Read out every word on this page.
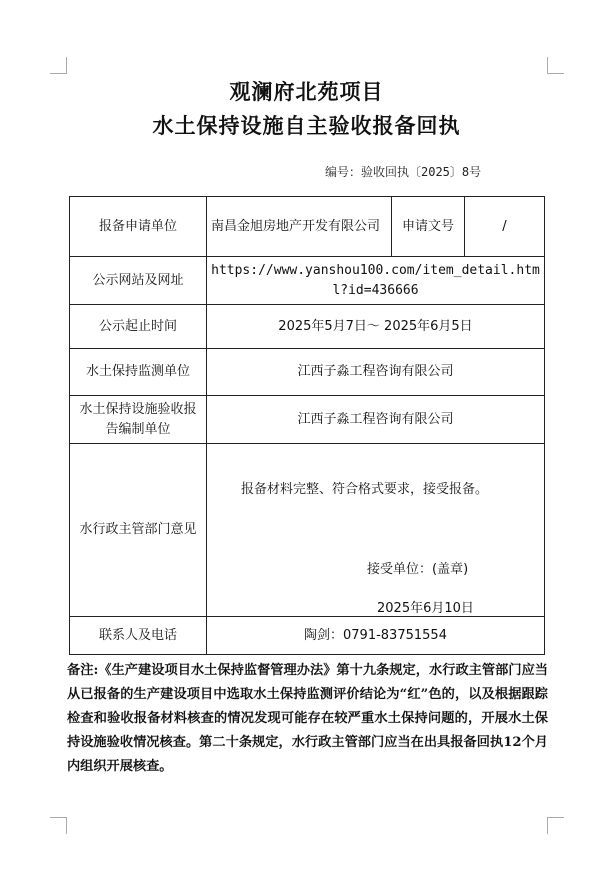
观澜府北苑项目
水土保持设施自主验收报备回执
编号：验收回执〔2025〕8号
报备申请单位	南昌金旭房地产开发有限公司	申请文号	/
公示网站及网址	https://www.yanshou100.com/item_detail.html?id=436666		
公示起止时间	2025年5月7日～ 2025年6月5日		
水土保持监测单位	江西子淼工程咨询有限公司		
水土保持设施验收报告编制单位	江西子淼工程咨询有限公司		
水行政主管部门意见	报备材料完整、符合格式要求，接受报备。
接受单位：(盖章)
2025年6月10日		

联系人及电话	陶剑：0791-83751554		
备注:《生产建设项目水土保持监督管理办法》第十九条规定，水行政主管部门应当从已报备的生产建设项目中选取水土保持监测评价结论为“红”色的，以及根据跟踪检查和验收报备材料核查的情况发现可能存在较严重水土保持问题的，开展水土保持设施验收情况核查。第二十条规定，水行政主管部门应当在出具报备回执12个月内组织开展核查。
